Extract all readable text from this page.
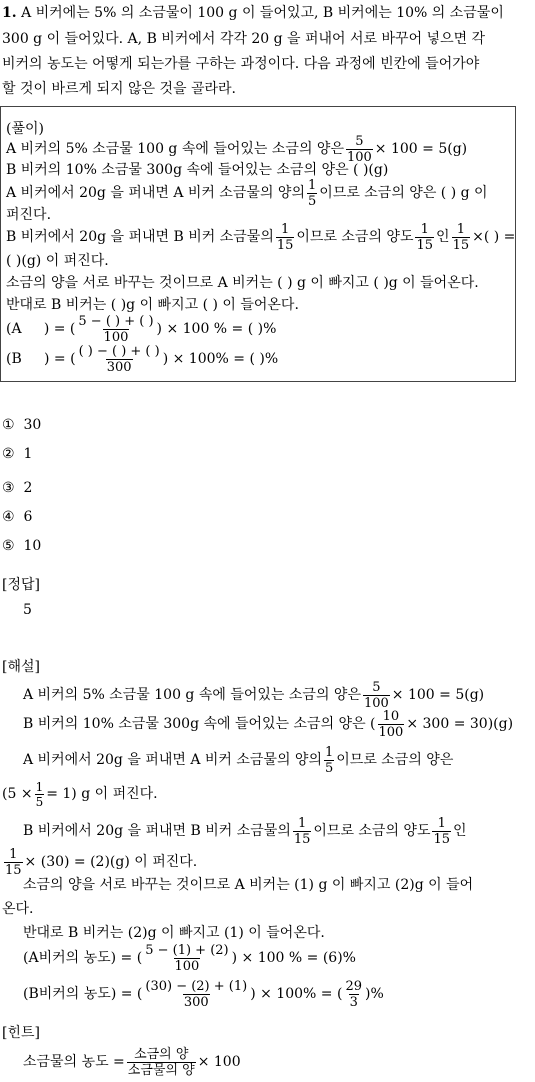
1. A 비커에는 5% 의 소금물이 100 g 이 들어있고, B 비커에는 10% 의 소금물이
300 g 이 들어있다. A, B 비커에서 각각 20 g 을 퍼내어 서로 바꾸어 넣으면 각
비커의 농도는 어떻게 되는가를 구하는 과정이다. 다음 과정에 빈칸에 들어가야
할 것이 바르게 되지 않은 것을 골라라.
(풀이)
A 비커의 5% 소금물 100 g 속에 들어있는 소금의 양은 $\frac{5}{100} \times 100 = 5(g)$
B 비커의 10% 소금물 300g 속에 들어있는 소금의 양은 ( )(g)
A 비커에서 20g 을 퍼내면 A 비커 소금물의 양의 $\frac{1}{5}$ 이므로 소금의 양은 ( ) g 이
퍼진다.
B 비커에서 20g 을 퍼내면 B 비커 소금물의 $\frac{1}{15}$ 이므로 소금의 양도 $\frac{1}{15}$ 인 $\frac{1}{15}$ ×( ) =
( )(g) 이 퍼진다.
소금의 양을 서로 바꾸는 것이므로 A 비커는 ( ) g 이 빠지고 ( )g 이 들어온다.
반대로 B 비커는 ( )g 이 빠지고 ( ) 이 들어온다.
(A     ) = ( $\frac{5 - ( ) + ( )}{100}$ ) × 100 % = ( )%
(B     ) = ( $\frac{( ) - ( ) + ( )}{300}$ ) × 100% = ( )%
① 30
② 1
③ 2
④ 6
⑤ 10
[정답]
5
[해설]
A 비커의 5% 소금물 100 g 속에 들어있는 소금의 양은 $\frac{5}{100} \times 100 = 5(g)$
B 비커의 10% 소금물 300g 속에 들어있는 소금의 양은 ( $\frac{10}{100} \times 300 = 30)(g)$
A 비커에서 20g 을 퍼내면 A 비커 소금물의 양의 $\frac{1}{5}$ 이므로 소금의 양은
$(5 \times \frac{1}{5} = 1)$ g 이 퍼진다.
B 비커에서 20g 을 퍼내면 B 비커 소금물의 $\frac{1}{15}$ 이므로 소금의 양도 $\frac{1}{15}$ 인
$\frac{1}{15} \times (30) = (2)(g)$ 이 퍼진다.
소금의 양을 서로 바꾸는 것이므로 A 비커는 (1) g 이 빠지고 (2)g 이 들어
온다.
반대로 B 비커는 (2)g 이 빠지고 (1) 이 들어온다.
(A비커의 농도) = ( $\frac{5 - (1) + (2)}{100}$ ) × 100 % = (6)%
(B비커의 농도) = ( $\frac{(30) - (2) + (1)}{300}$ ) × 100% = ( $\frac{29}{3}$ )%
[힌트]
소금물의 농도 = $\frac{\text{소금의 양}}{\text{소금물의 양}} \times 100$
